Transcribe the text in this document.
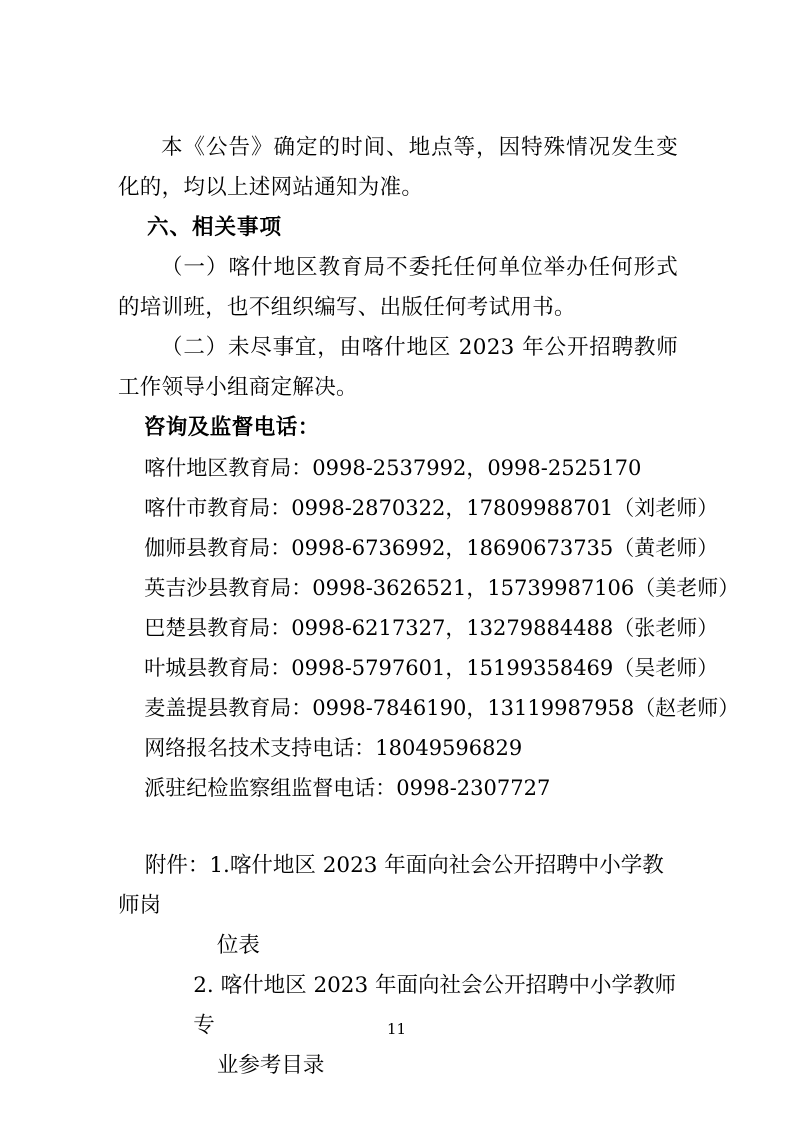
本《公告》确定的时间、地点等，因特殊情况发生变化的，均以上述网站通知为准。

六、相关事项

（一）喀什地区教育局不委托任何单位举办任何形式的培训班，也不组织编写、出版任何考试用书。

（二）未尽事宜，由喀什地区 2023 年公开招聘教师工作领导小组商定解决。

咨询及监督电话：

喀什地区教育局：0998-2537992，0998-2525170

喀什市教育局：0998-2870322，17809988701（刘老师）

伽师县教育局：0998-6736992，18690673735（黄老师）

英吉沙县教育局：0998-3626521，15739987106（美老师）

巴楚县教育局：0998-6217327，13279884488（张老师）

叶城县教育局：0998-5797601，15199358469（吴老师）

麦盖提县教育局：0998-7846190，13119987958（赵老师）

网络报名技术支持电话：18049596829

派驻纪检监察组监督电话：0998-2307727

附件：1.喀什地区 2023 年面向社会公开招聘中小学教师岗

位表

2. 喀什地区 2023 年面向社会公开招聘中小学教师专

业参考目录

11
